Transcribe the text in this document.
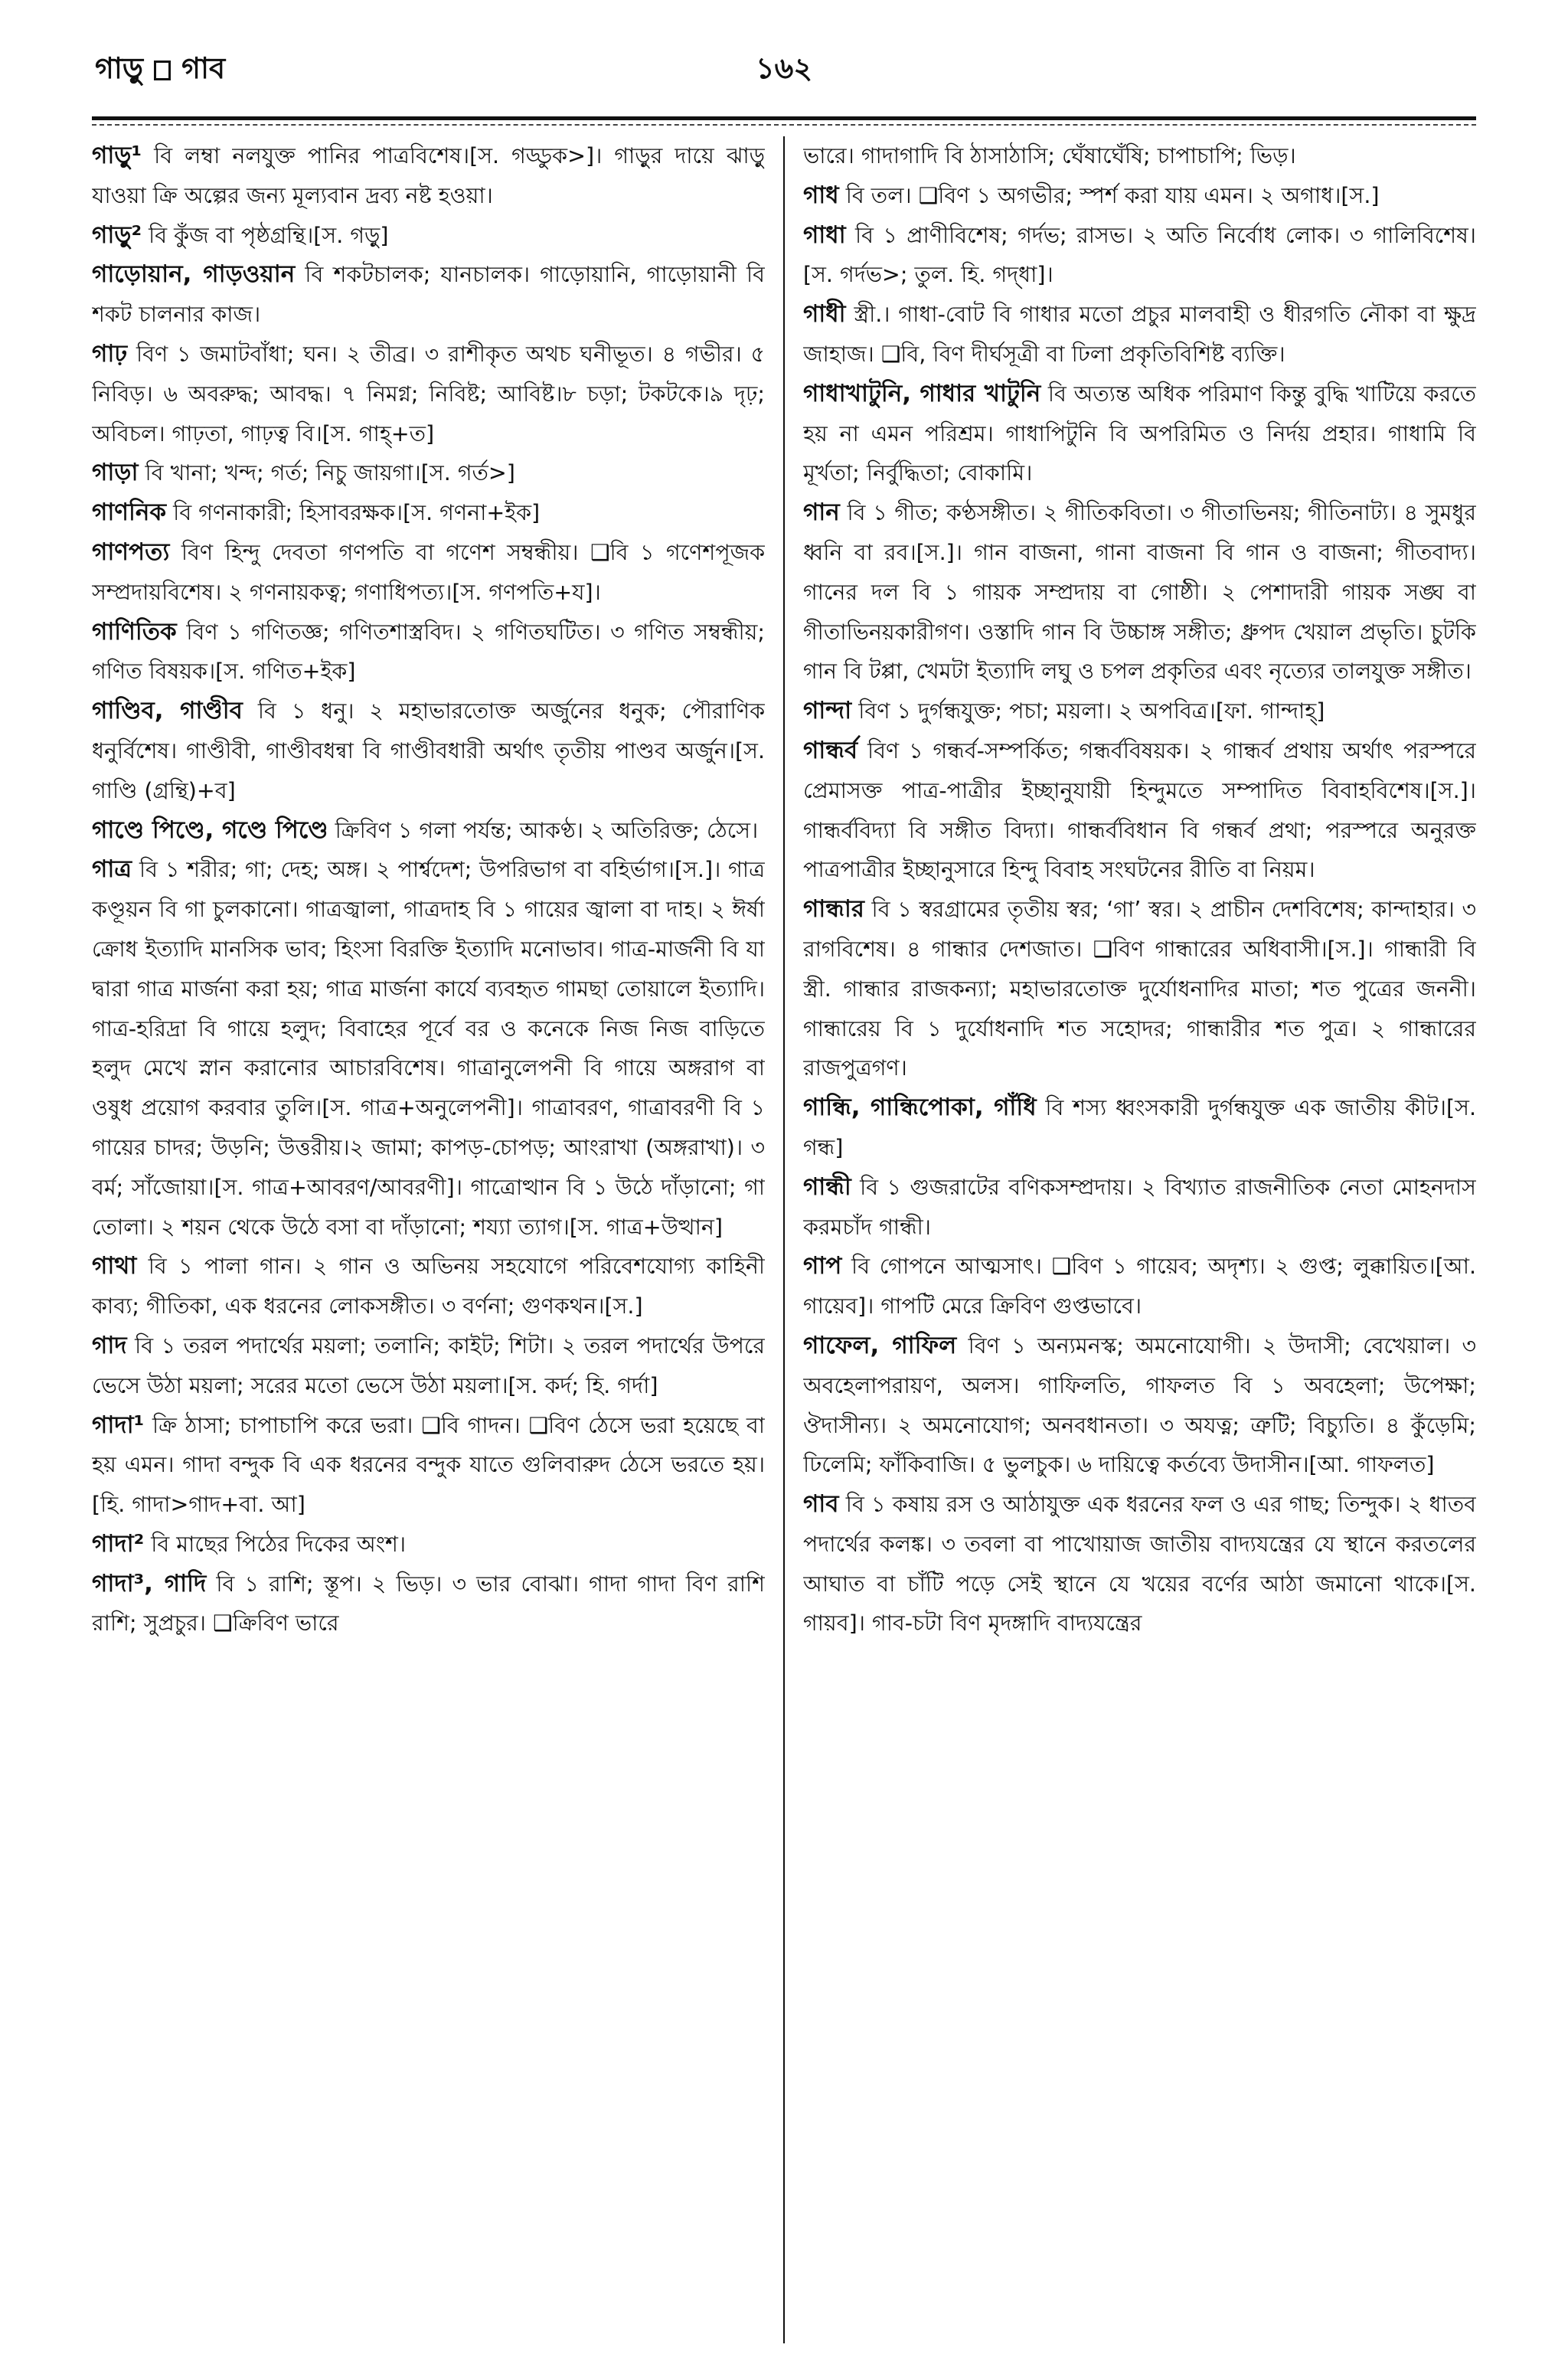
গাড়ু গাব	১৬২

গাড়ু¹ বি লম্বা নলযুক্ত পানির পাত্রবিশেষ।[স. গড্ডুক>]। গাড়ুর দায়ে ঝাড়ু যাওয়া ক্রি অল্পের জন্য মূল্যবান দ্রব্য নষ্ট হওয়া।

গাড়ু² বি কুঁজ বা পৃষ্ঠগ্রন্থি।[স. গড়ু]

গাড়োয়ান, গাড়ওয়ান বি শকটচালক; যানচালক। গাড়োয়ানি, গাড়োয়ানী বি শকট চালনার কাজ।

গাঢ় বিণ ১ জমাটবাঁধা; ঘন। ২ তীব্র। ৩ রাশীকৃত অথচ ঘনীভূত। ৪ গভীর। ৫ নিবিড়। ৬ অবরুদ্ধ; আবদ্ধ। ৭ নিমগ্ন; নিবিষ্ট; আবিষ্ট।৮ চড়া; টকটকে।৯ দৃঢ়; অবিচল। গাঢ়তা, গাঢ়ত্ব বি।[স. গাহ্+ত]

গাড়া বি খানা; খন্দ; গর্ত; নিচু জায়গা।[স. গর্ত>]

গাণনিক বি গণনাকারী; হিসাবরক্ষক।[স. গণনা+ইক]

গাণপত্য বিণ হিন্দু দেবতা গণপতি বা গণেশ সম্বন্ধীয়। ❑বি ১ গণেশপূজক সম্প্রদায়বিশেষ। ২ গণনায়কত্ব; গণাধিপত্য।[স. গণপতি+য]।

গাণিতিক বিণ ১ গণিতজ্ঞ; গণিতশাস্ত্রবিদ। ২ গণিতঘটিত। ৩ গণিত সম্বন্ধীয়; গণিত বিষয়ক।[স. গণিত+ইক]

গাণ্ডিব, গাণ্ডীব বি ১ ধনু। ২ মহাভারতোক্ত অর্জুনের ধনুক; পৌরাণিক ধনুর্বিশেষ। গাণ্ডীবী, গাণ্ডীবধন্বা বি গাণ্ডীবধারী অর্থাৎ তৃতীয় পাণ্ডব অর্জুন।[স. গাণ্ডি (গ্রন্থি)+ব]

গাণ্ডে পিণ্ডে, গণ্ডে পিণ্ডে ক্রিবিণ ১ গলা পর্যন্ত; আকণ্ঠ। ২ অতিরিক্ত; ঠেসে।

গাত্র বি ১ শরীর; গা; দেহ; অঙ্গ। ২ পার্শ্বদেশ; উপরিভাগ বা বহির্ভাগ।[স.]। গাত্র কণ্ডূয়ন বি গা চুলকানো। গাত্রজ্বালা, গাত্রদাহ বি ১ গায়ের জ্বালা বা দাহ। ২ ঈর্ষা ক্রোধ ইত্যাদি মানসিক ভাব; হিংসা বিরক্তি ইত্যাদি মনোভাব। গাত্র-মার্জনী বি যা দ্বারা গাত্র মার্জনা করা হয়; গাত্র মার্জনা কার্যে ব্যবহৃত গামছা তোয়ালে ইত্যাদি। গাত্র-হরিদ্রা বি গায়ে হলুদ; বিবাহের পূর্বে বর ও কনেকে নিজ নিজ বাড়িতে হলুদ মেখে স্নান করানোর আচারবিশেষ। গাত্রানুলেপনী বি গায়ে অঙ্গরাগ বা ওষুধ প্রয়োগ করবার তুলি।[স. গাত্র+অনুলেপনী]। গাত্রাবরণ, গাত্রাবরণী বি ১ গায়ের চাদর; উড়নি; উত্তরীয়।২ জামা; কাপড়-চোপড়; আংরাখা (অঙ্গরাখা)। ৩ বর্ম; সাঁজোয়া।[স. গাত্র+আবরণ/আবরণী]। গাত্রোত্থান বি ১ উঠে দাঁড়ানো; গা তোলা। ২ শয়ন থেকে উঠে বসা বা দাঁড়ানো; শয্যা ত্যাগ।[স. গাত্র+উত্থান]

গাথা বি ১ পালা গান। ২ গান ও অভিনয় সহযোগে পরিবেশযোগ্য কাহিনী কাব্য; গীতিকা, এক ধরনের লোকসঙ্গীত। ৩ বর্ণনা; গুণকথন।[স.]

গাদ বি ১ তরল পদার্থের ময়লা; তলানি; কাইট; শিটা। ২ তরল পদার্থের উপরে ভেসে উঠা ময়লা; সরের মতো ভেসে উঠা ময়লা।[স. কর্দ; হি. গর্দা]

গাদা¹ ক্রি ঠাসা; চাপাচাপি করে ভরা। ❑বি গাদন। ❑বিণ ঠেসে ভরা হয়েছে বা হয় এমন। গাদা বন্দুক বি এক ধরনের বন্দুক যাতে গুলিবারুদ ঠেসে ভরতে হয়।[হি. গাদা>গাদ+বা. আ]

গাদা² বি মাছের পিঠের দিকের অংশ।

গাদা³, গাদি বি ১ রাশি; স্তূপ। ২ ভিড়। ৩ ভার বোঝা। গাদা গাদা বিণ রাশি রাশি; সুপ্রচুর। ❑ক্রিবিণ ভারে

ভারে। গাদাগাদি বি ঠাসাঠাসি; ঘেঁষাঘেঁষি; চাপাচাপি; ভিড়।

গাধ বি তল। ❑বিণ ১ অগভীর; স্পর্শ করা যায় এমন। ২ অগাধ।[স.]

গাধা বি ১ প্রাণীবিশেষ; গর্দভ; রাসভ। ২ অতি নির্বোধ লোক। ৩ গালিবিশেষ।[স. গর্দভ>; তুল. হি. গদ্‌ধা]।

গাধী স্ত্রী.। গাধা-বোট বি গাধার মতো প্রচুর মালবাহী ও ধীরগতি নৌকা বা ক্ষুদ্র জাহাজ। ❑বি, বিণ দীর্ঘসূত্রী বা ঢিলা প্রকৃতিবিশিষ্ট ব্যক্তি।

গাধাখাটুনি, গাধার খাটুনি বি অত্যন্ত অধিক পরিমাণ কিন্তু বুদ্ধি খাটিয়ে করতে হয় না এমন পরিশ্রম। গাধাপিটুনি বি অপরিমিত ও নির্দয় প্রহার। গাধামি বি মূর্খতা; নির্বুদ্ধিতা; বোকামি।

গান বি ১ গীত; কণ্ঠসঙ্গীত। ২ গীতিকবিতা। ৩ গীতাভিনয়; গীতিনাট্য। ৪ সুমধুর ধ্বনি বা রব।[স.]। গান বাজনা, গানা বাজনা বি গান ও বাজনা; গীতবাদ্য। গানের দল বি ১ গায়ক সম্প্রদায় বা গোষ্ঠী। ২ পেশাদারী গায়ক সঙ্ঘ বা গীতাভিনয়কারীগণ। ওস্তাদি গান বি উচ্চাঙ্গ সঙ্গীত; ধ্রুপদ খেয়াল প্রভৃতি। চুটকি গান বি টপ্পা, খেমটা ইত্যাদি লঘু ও চপল প্রকৃতির এবং নৃত্যের তালযুক্ত সঙ্গীত।

গান্দা বিণ ১ দুর্গন্ধযুক্ত; পচা; ময়লা। ২ অপবিত্র।[ফা. গান্দাহ্]

গান্ধর্ব বিণ ১ গন্ধর্ব-সম্পর্কিত; গন্ধর্ববিষয়ক। ২ গান্ধর্ব প্রথায় অর্থাৎ পরস্পরে প্রেমাসক্ত পাত্র-পাত্রীর ইচ্ছানুযায়ী হিন্দুমতে সম্পাদিত বিবাহবিশেষ।[স.]। গান্ধর্ববিদ্যা বি সঙ্গীত বিদ্যা। গান্ধর্ববিধান বি গন্ধর্ব প্রথা; পরস্পরে অনুরক্ত পাত্রপাত্রীর ইচ্ছানুসারে হিন্দু বিবাহ সংঘটনের রীতি বা নিয়ম।

গান্ধার বি ১ স্বরগ্রামের তৃতীয় স্বর; ‘গা’ স্বর। ২ প্রাচীন দেশবিশেষ; কান্দাহার। ৩ রাগবিশেষ। ৪ গান্ধার দেশজাত। ❑বিণ গান্ধারের অধিবাসী।[স.]। গান্ধারী বি স্ত্রী. গান্ধার রাজকন্যা; মহাভারতোক্ত দুর্যোধনাদির মাতা; শত পুত্রের জননী। গান্ধারেয় বি ১ দুর্যোধনাদি শত সহোদর; গান্ধারীর শত পুত্র। ২ গান্ধারের রাজপুত্রগণ।

গান্ধি, গান্ধিপোকা, গাঁধি বি শস্য ধ্বংসকারী দুর্গন্ধযুক্ত এক জাতীয় কীট।[স. গন্ধ]

গান্ধী বি ১ গুজরাটের বণিকসম্প্রদায়। ২ বিখ্যাত রাজনীতিক নেতা মোহনদাস করমচাঁদ গান্ধী।

গাপ বি গোপনে আত্মসাৎ। ❑বিণ ১ গায়েব; অদৃশ্য। ২ গুপ্ত; লুক্কায়িত।[আ. গায়েব]। গাপটি মেরে ক্রিবিণ গুপ্তভাবে।

গাফেল, গাফিল বিণ ১ অন্যমনস্ক; অমনোযোগী। ২ উদাসী; বেখেয়াল। ৩ অবহেলাপরায়ণ, অলস। গাফিলতি, গাফলত বি ১ অবহেলা; উপেক্ষা; ঔদাসীন্য। ২ অমনোযোগ; অনবধানতা। ৩ অযত্ন; ত্রুটি; বিচ্যুতি। ৪ কুঁড়েমি; ঢিলেমি; ফাঁকিবাজি। ৫ ভুলচুক। ৬ দায়িত্বে কর্তব্যে উদাসীন।[আ. গাফলত]

গাব বি ১ কষায় রস ও আঠাযুক্ত এক ধরনের ফল ও এর গাছ; তিন্দুক। ২ ধাতব পদার্থের কলঙ্ক। ৩ তবলা বা পাখোয়াজ জাতীয় বাদ্যযন্ত্রের যে স্থানে করতলের আঘাত বা চাঁটি পড়ে সেই স্থানে যে খয়ের বর্ণের আঠা জমানো থাকে।[স. গায়ব]। গাব-চটা বিণ মৃদঙ্গাদি বাদ্যযন্ত্রের
